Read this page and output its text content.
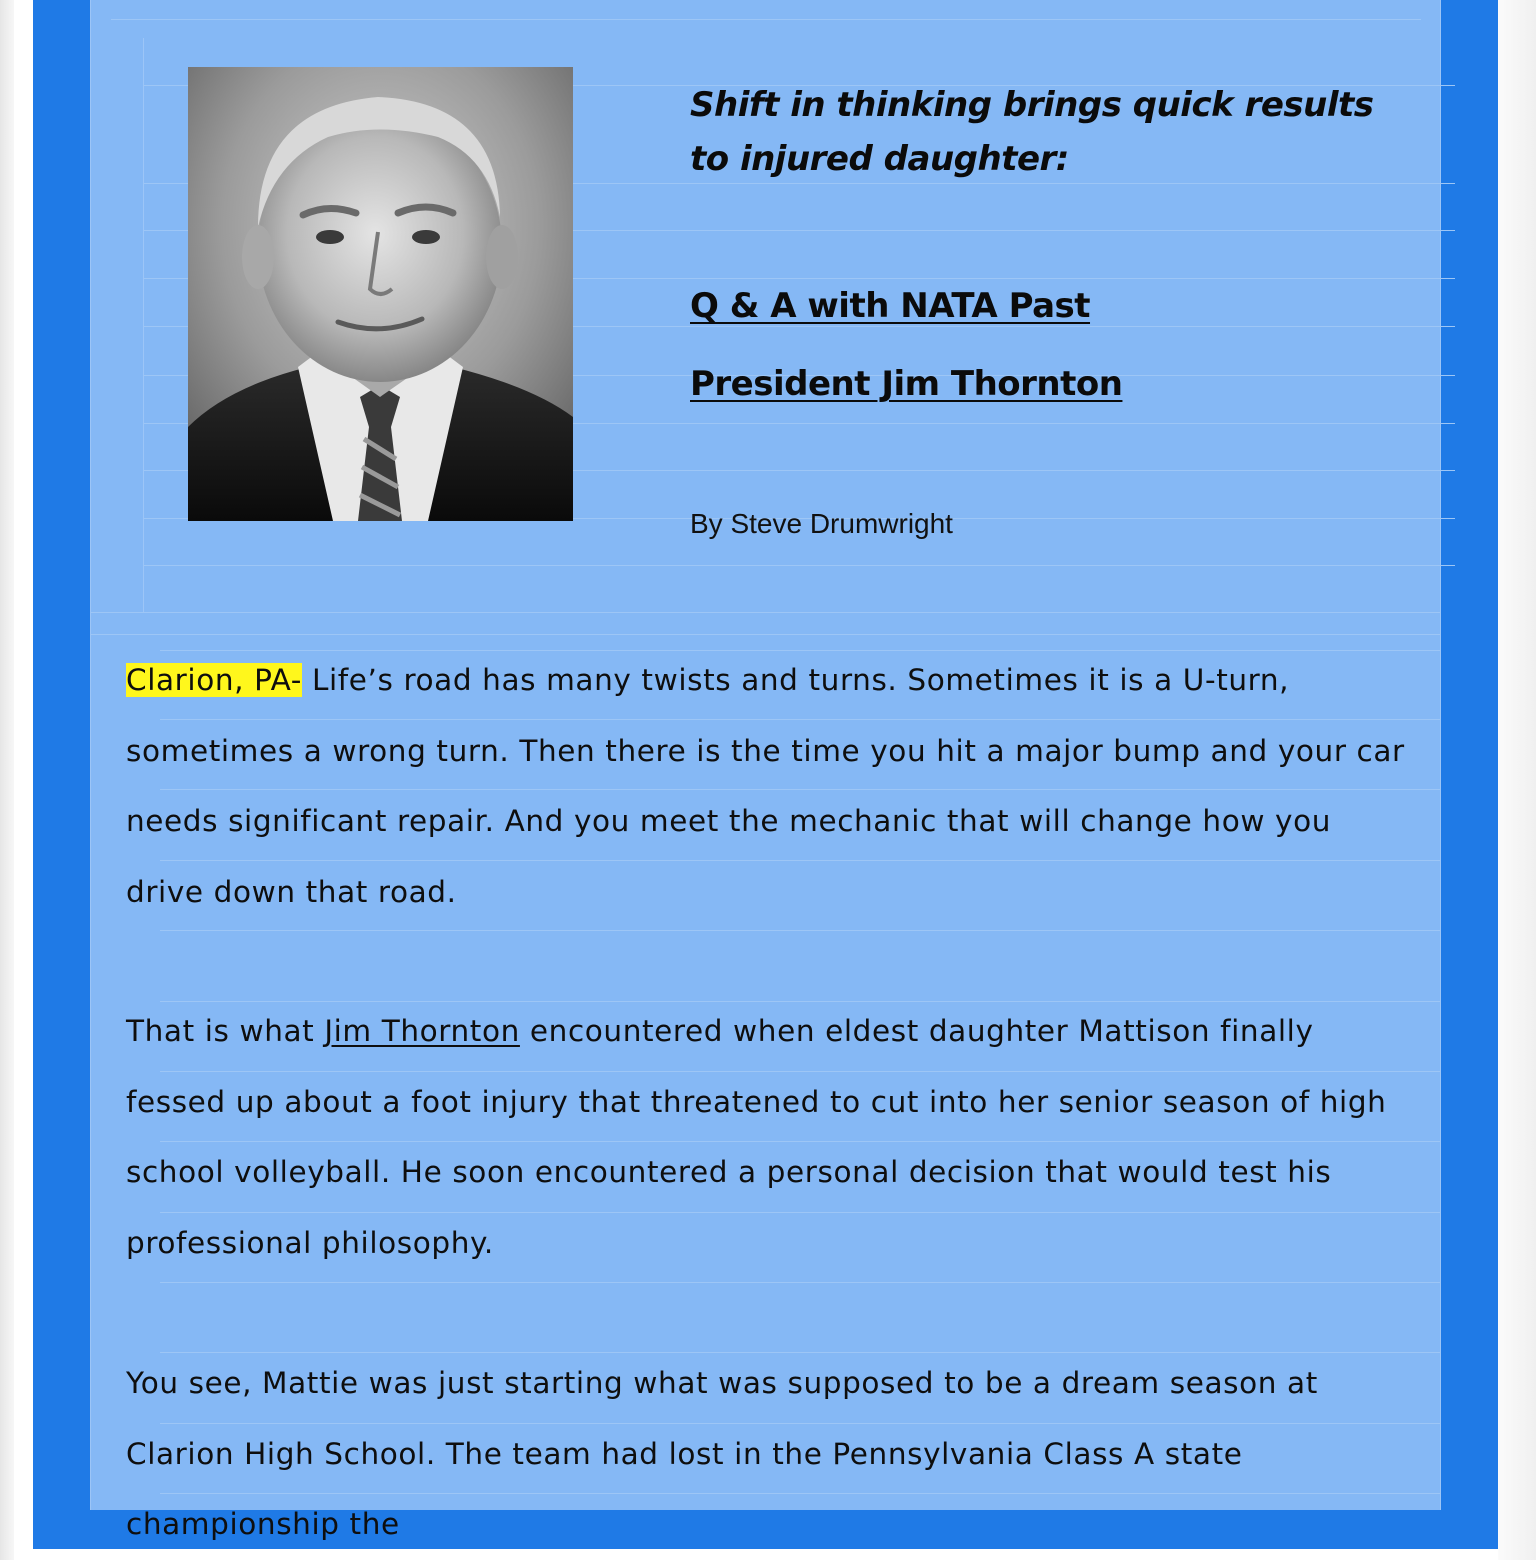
Shift in thinking brings quick results
to injured daughter:
Q & A with NATA Past
President Jim Thornton
By Steve Drumwright

Clarion, PA- Life’s road has many twists and turns. Sometimes it is a U-turn, sometimes a wrong turn. Then there is the time you hit a major bump and your car needs significant repair. And you meet the mechanic that will change how you drive down that road.

That is what Jim Thornton encountered when eldest daughter Mattison finally fessed up about a foot injury that threatened to cut into her senior season of high school volleyball. He soon encountered a personal decision that would test his professional philosophy.

You see, Mattie was just starting what was supposed to be a dream season at Clarion High School. The team had lost in the Pennsylvania Class A state championship the
